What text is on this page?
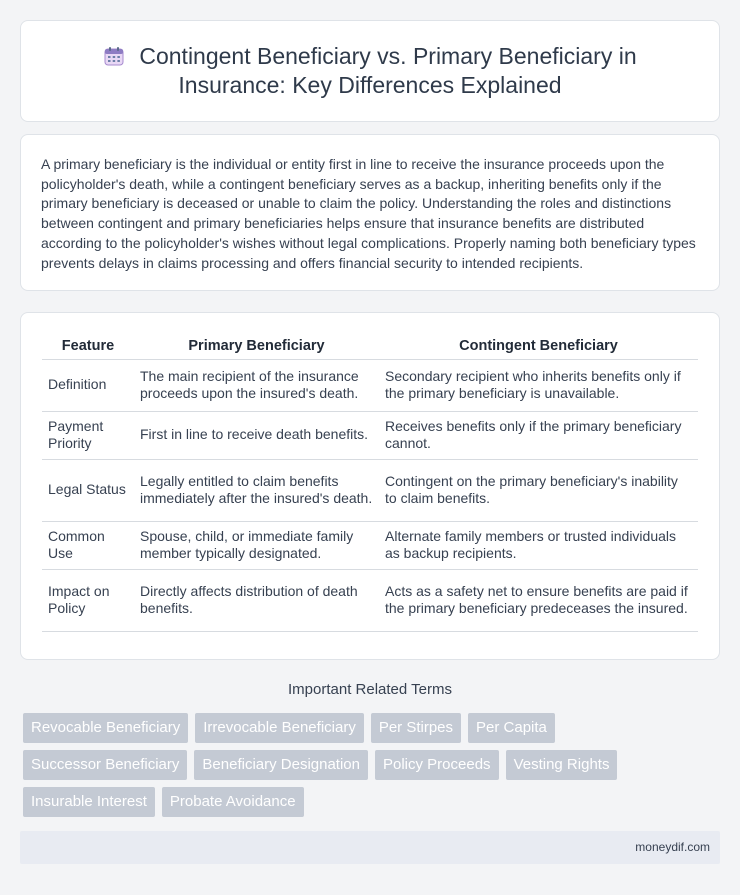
Contingent Beneficiary vs. Primary Beneficiary in Insurance: Key Differences Explained

A primary beneficiary is the individual or entity first in line to receive the insurance proceeds upon the policyholder's death, while a contingent beneficiary serves as a backup, inheriting benefits only if the primary beneficiary is deceased or unable to claim the policy. Understanding the roles and distinctions between contingent and primary beneficiaries helps ensure that insurance benefits are distributed according to the policyholder's wishes without legal complications. Properly naming both beneficiary types prevents delays in claims processing and offers financial security to intended recipients.

Feature	Primary Beneficiary	Contingent Beneficiary
Definition	The main recipient of the insurance proceeds upon the insured's death.	Secondary recipient who inherits benefits only if the primary beneficiary is unavailable.
Payment Priority	First in line to receive death benefits.	Receives benefits only if the primary beneficiary cannot.
Legal Status	Legally entitled to claim benefits immediately after the insured's death.	Contingent on the primary beneficiary's inability to claim benefits.
Common Use	Spouse, child, or immediate family member typically designated.	Alternate family members or trusted individuals as backup recipients.
Impact on Policy	Directly affects distribution of death benefits.	Acts as a safety net to ensure benefits are paid if the primary beneficiary predeceases the insured.
Important Related Terms
Revocable Beneficiary	Irrevocable Beneficiary	Per Stirpes	Per Capita
Successor Beneficiary	Beneficiary Designation	Policy Proceeds	Vesting Rights
Insurable Interest	Probate Avoidance
moneydif.com
